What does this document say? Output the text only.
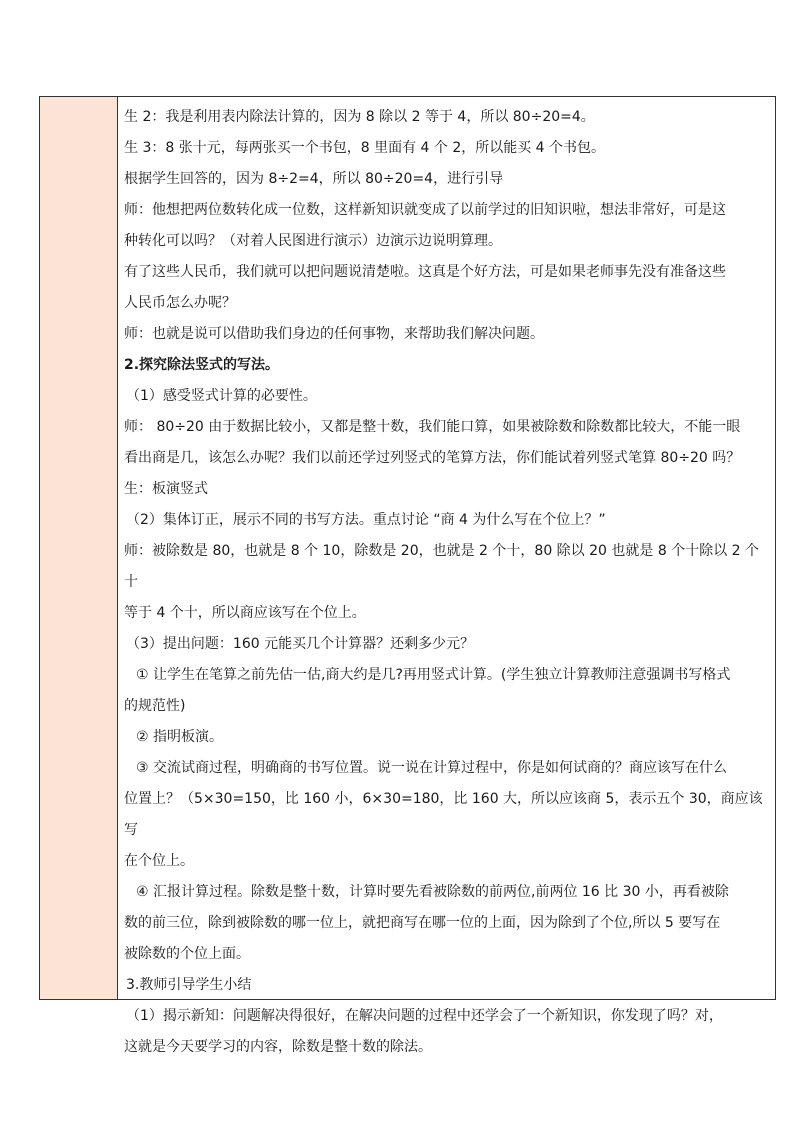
生 2：我是利用表内除法计算的，因为 8 除以 2 等于 4，所以 80÷20=4。

生 3：8 张十元，每两张买一个书包，8 里面有 4 个 2，所以能买 4 个书包。

根据学生回答的，因为 8÷2=4，所以 80÷20=4，进行引导

师：他想把两位数转化成一位数，这样新知识就变成了以前学过的旧知识啦，想法非常好，可是这

种转化可以吗？（对着人民图进行演示）边演示边说明算理。

有了这些人民币，我们就可以把问题说清楚啦。这真是个好方法，可是如果老师事先没有准备这些

人民币怎么办呢？

师：也就是说可以借助我们身边的任何事物，来帮助我们解决问题。

2.探究除法竖式的写法。

（1）感受竖式计算的必要性。

师： 80÷20 由于数据比较小，又都是整十数，我们能口算，如果被除数和除数都比较大，不能一眼

看出商是几，该怎么办呢？我们以前还学过列竖式的笔算方法，你们能试着列竖式笔算 80÷20 吗？

生：板演竖式

（2）集体订正，展示不同的书写方法。重点讨论 “商 4 为什么写在个位上？”

师：被除数是 80，也就是 8 个 10，除数是 20，也就是 2 个十，80 除以 20 也就是 8 个十除以 2 个十

等于 4 个十，所以商应该写在个位上。

（3）提出问题：160 元能买几个计算器？还剩多少元？

① 让学生在笔算之前先估一估,商大约是几?再用竖式计算。(学生独立计算教师注意强调书写格式

的规范性)

② 指明板演。

③ 交流试商过程，明确商的书写位置。说一说在计算过程中，你是如何试商的？商应该写在什么

位置上？（5×30=150，比 160 小，6×30=180，比 160 大，所以应该商 5，表示五个 30，商应该写

在个位上。

④ 汇报计算过程。除数是整十数，计算时要先看被除数的前两位,前两位 16 比 30 小，再看被除

数的前三位，除到被除数的哪一位上，就把商写在哪一位的上面，因为除到了个位,所以 5 要写在

被除数的个位上面。

3.教师引导学生小结

（1）揭示新知：问题解决得很好，在解决问题的过程中还学会了一个新知识，你发现了吗？对，

这就是今天要学习的内容，除数是整十数的除法。
